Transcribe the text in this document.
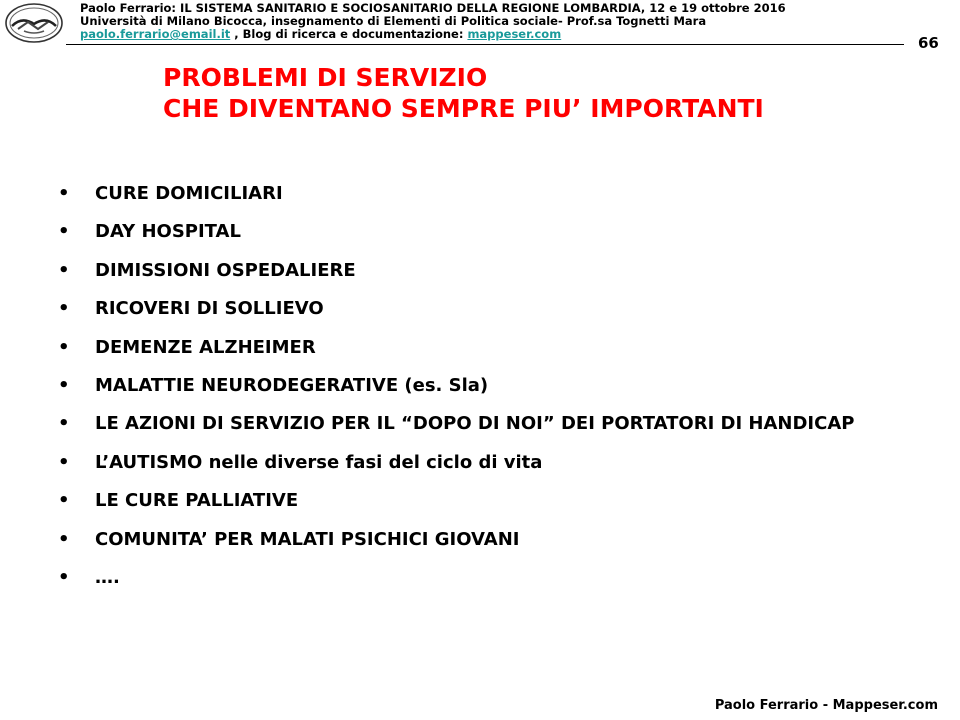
Paolo Ferrario: IL SISTEMA SANITARIO E SOCIOSANITARIO DELLA REGIONE LOMBARDIA, 12 e 19 ottobre 2016
Università di Milano Bicocca, insegnamento di Elementi di Politica sociale- Prof.sa Tognetti Mara
paolo.ferrario@email.it , Blog di ricerca e documentazione: mappeser.com	66
PROBLEMI DI SERVIZIO
CHE DIVENTANO SEMPRE PIU’ IMPORTANTI
• CURE DOMICILIARI
• DAY HOSPITAL
• DIMISSIONI OSPEDALIERE
• RICOVERI DI SOLLIEVO
• DEMENZE ALZHEIMER
• MALATTIE NEURODEGERATIVE (es. Sla)
• LE AZIONI DI SERVIZIO PER IL “DOPO DI NOI” DEI PORTATORI DI HANDICAP
• L’AUTISMO nelle diverse fasi del ciclo di vita
• LE CURE PALLIATIVE
• COMUNITA’ PER MALATI PSICHICI GIOVANI
• ….
Paolo Ferrario - Mappeser.com
